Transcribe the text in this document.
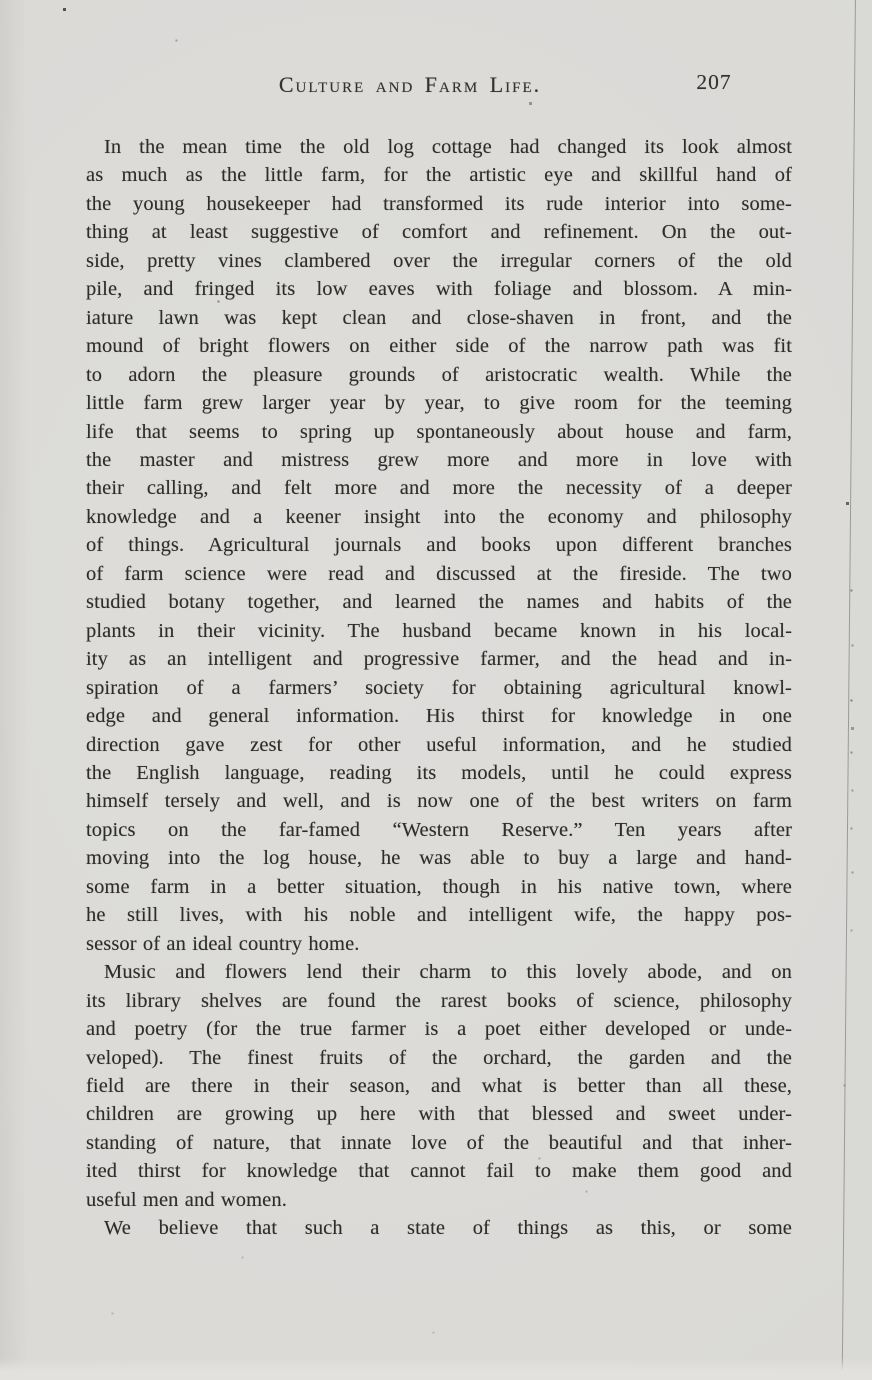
Culture and Farm Life.	207
In the mean time the old log cottage had changed its look almost
as much as the little farm, for the artistic eye and skillful hand of
the young housekeeper had transformed its rude interior into some-
thing at least suggestive of comfort and refinement. On the out-
side, pretty vines clambered over the irregular corners of the old
pile, and fringed its low eaves with foliage and blossom. A min-
iature lawn was kept clean and close-shaven in front, and the
mound of bright flowers on either side of the narrow path was fit
to adorn the pleasure grounds of aristocratic wealth. While the
little farm grew larger year by year, to give room for the teeming
life that seems to spring up spontaneously about house and farm,
the master and mistress grew more and more in love with
their calling, and felt more and more the necessity of a deeper
knowledge and a keener insight into the economy and philosophy
of things. Agricultural journals and books upon different branches
of farm science were read and discussed at the fireside. The two
studied botany together, and learned the names and habits of the
plants in their vicinity. The husband became known in his local-
ity as an intelligent and progressive farmer, and the head and in-
spiration of a farmers’ society for obtaining agricultural knowl-
edge and general information. His thirst for knowledge in one
direction gave zest for other useful information, and he studied
the English language, reading its models, until he could express
himself tersely and well, and is now one of the best writers on farm
topics on the far-famed “Western Reserve.” Ten years after
moving into the log house, he was able to buy a large and hand-
some farm in a better situation, though in his native town, where
he still lives, with his noble and intelligent wife, the happy pos-
sessor of an ideal country home.
Music and flowers lend their charm to this lovely abode, and on
its library shelves are found the rarest books of science, philosophy
and poetry (for the true farmer is a poet either developed or unde-
veloped). The finest fruits of the orchard, the garden and the
field are there in their season, and what is better than all these,
children are growing up here with that blessed and sweet under-
standing of nature, that innate love of the beautiful and that inher-
ited thirst for knowledge that cannot fail to make them good and
useful men and women.
We believe that such a state of things as this, or some
